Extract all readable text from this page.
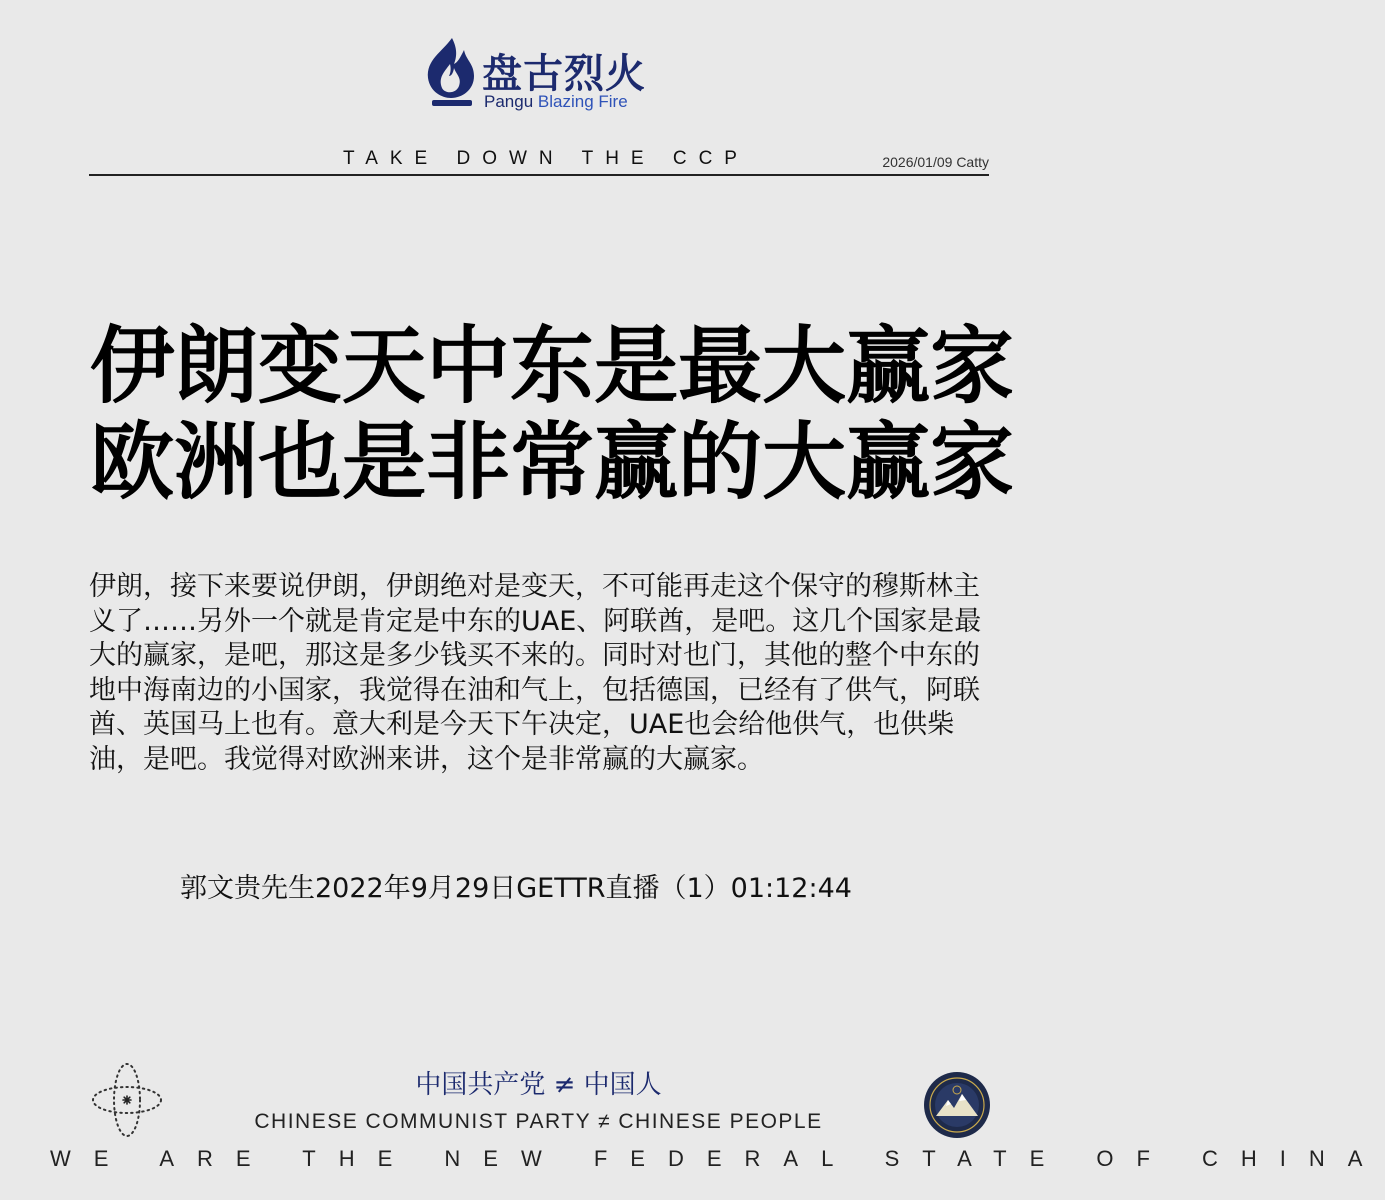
盘古烈火
Pangu Blazing Fire
TAKE DOWN THE CCP	2026/01/09 Catty
伊朗变天中东是最大赢家
欧洲也是非常赢的大赢家
伊朗，接下来要说伊朗，伊朗绝对是变天，不可能再走这个保守的穆斯林主义了……另外一个就是肯定是中东的UAE、阿联酋，是吧。这几个国家是最大的赢家，是吧，那这是多少钱买不来的。同时对也门，其他的整个中东的地中海南边的小国家，我觉得在油和气上，包括德国，已经有了供气，阿联酋、英国马上也有。意大利是今天下午决定，UAE也会给他供气，也供柴油，是吧。我觉得对欧洲来讲，这个是非常赢的大赢家。
郭文贵先生2022年9月29日GETTR直播（1）01:12:44
中国共产党 ≠ 中国人
CHINESE COMMUNIST PARTY ≠ CHINESE PEOPLE
WE ARE THE NEW FEDERAL STATE OF CHINA
